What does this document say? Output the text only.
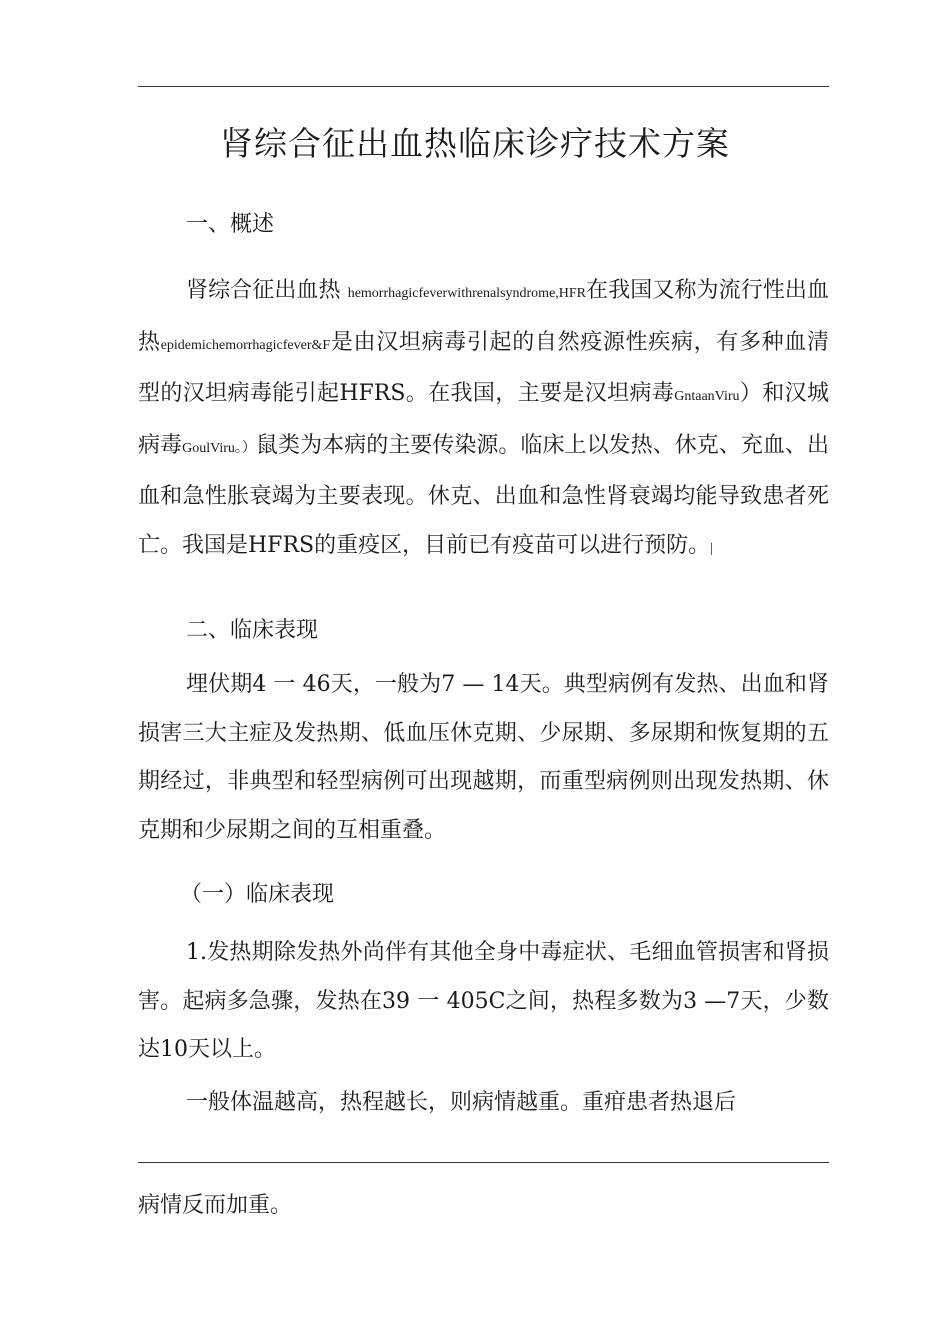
肾综合征出血热临床诊疗技术方案
一、概述

肾综合征出血热 hemorrhagicfeverwithrenalsyndrome,HFR在我国又称为流行性出血热epidemichemorrhagicfever&F是由汉坦病毒引起的自然疫源性疾病，有多种血清型的汉坦病毒能引起HFRS。在我国，主要是汉坦病毒GntaanViru）和汉城病毒GoulViru。）鼠类为本病的主要传染源。临床上以发热、休克、充血、出血和急性胀衰竭为主要表现。休克、出血和急性肾衰竭均能导致患者死亡。我国是HFRS的重疫区，目前已有疫苗可以进行预防。|

二、临床表现

埋伏期4 一 46天，一般为7 — 14天。典型病例有发热、出血和肾损害三大主症及发热期、低血压休克期、少尿期、多尿期和恢复期的五期经过，非典型和轻型病例可出现越期，而重型病例则出现发热期、休克期和少尿期之间的互相重叠。

（一）临床表现

1.发热期除发热外尚伴有其他全身中毒症状、毛细血管损害和肾损害。起病多急骤，发热在39 一 405C之间，热程多数为3 —7天，少数达10天以上。

一般体温越高，热程越长，则病情越重。重疳患者热退后

病情反而加重。
